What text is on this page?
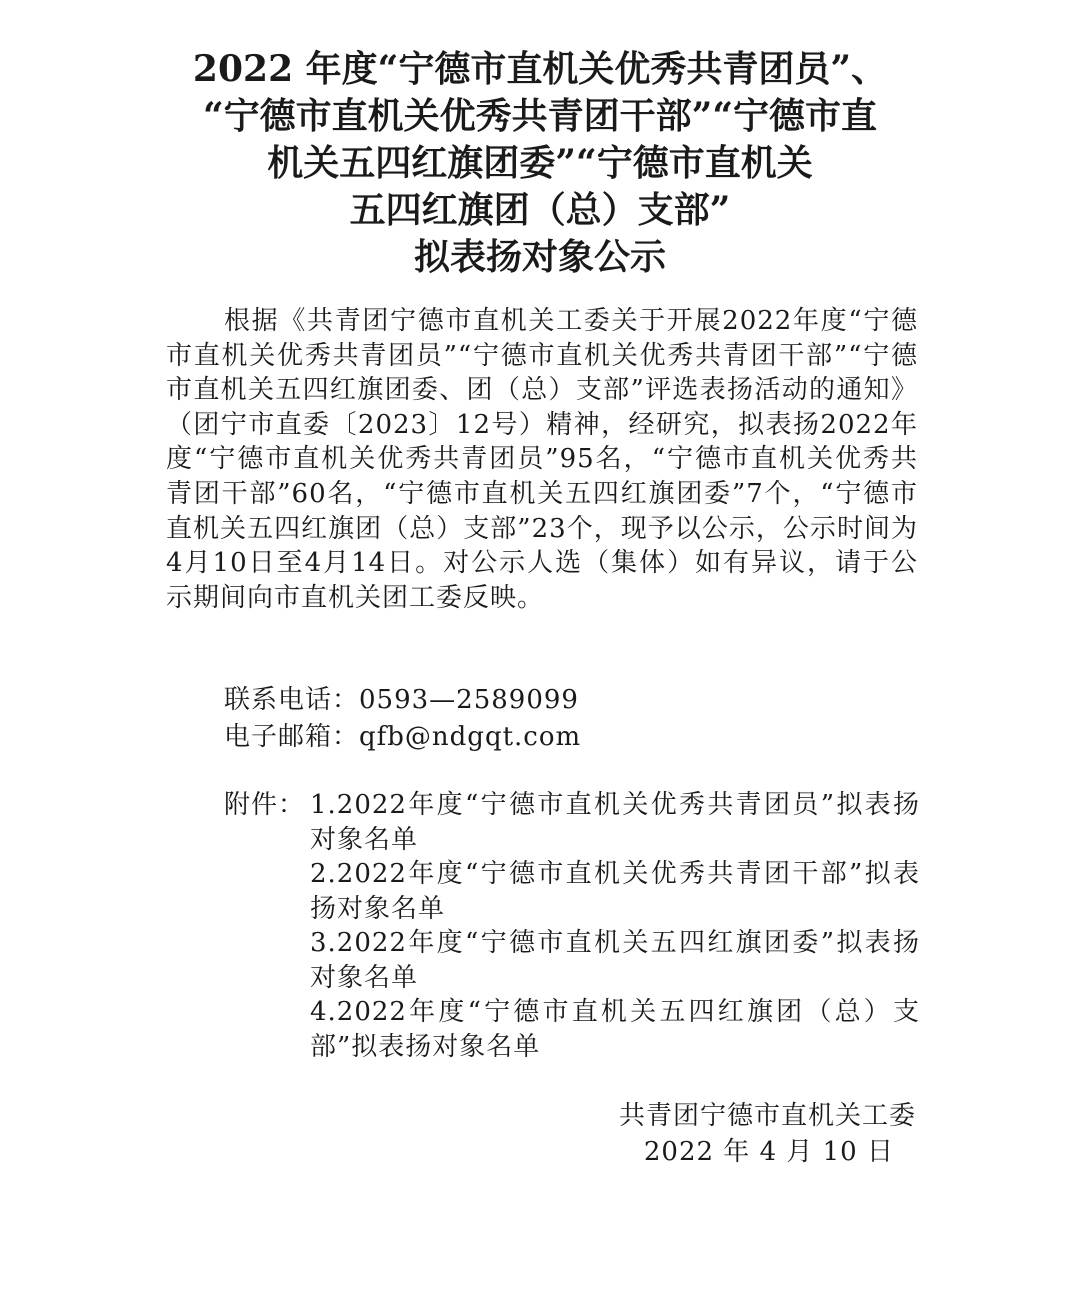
2022 年度“宁德市直机关优秀共青团员”、
“宁德市直机关优秀共青团干部”“宁德市直
机关五四红旗团委”“宁德市直机关
五四红旗团（总）支部”
拟表扬对象公示
根据《共青团宁德市直机关工委关于开展2022年度“宁德市直机关优秀共青团员”“宁德市直机关优秀共青团干部”“宁德市直机关五四红旗团委、团（总）支部”评选表扬活动的通知》（团宁市直委〔2023〕12号）精神，经研究，拟表扬2022年度“宁德市直机关优秀共青团员”95名，“宁德市直机关优秀共青团干部”60名，“宁德市直机关五四红旗团委”7个，“宁德市直机关五四红旗团（总）支部”23个，现予以公示，公示时间为4月10日至4月14日。对公示人选（集体）如有异议，请于公示期间向市直机关团工委反映。
联系电话：0593—2589099
电子邮箱：qfb@ndgqt.com
附件： 1.2022年度“宁德市直机关优秀共青团员”拟表扬对象名单
2.2022年度“宁德市直机关优秀共青团干部”拟表扬对象名单
3.2022年度“宁德市直机关五四红旗团委”拟表扬对象名单
4.2022年度“宁德市直机关五四红旗团（总）支部”拟表扬对象名单
共青团宁德市直机关工委
2022 年 4 月 10 日
